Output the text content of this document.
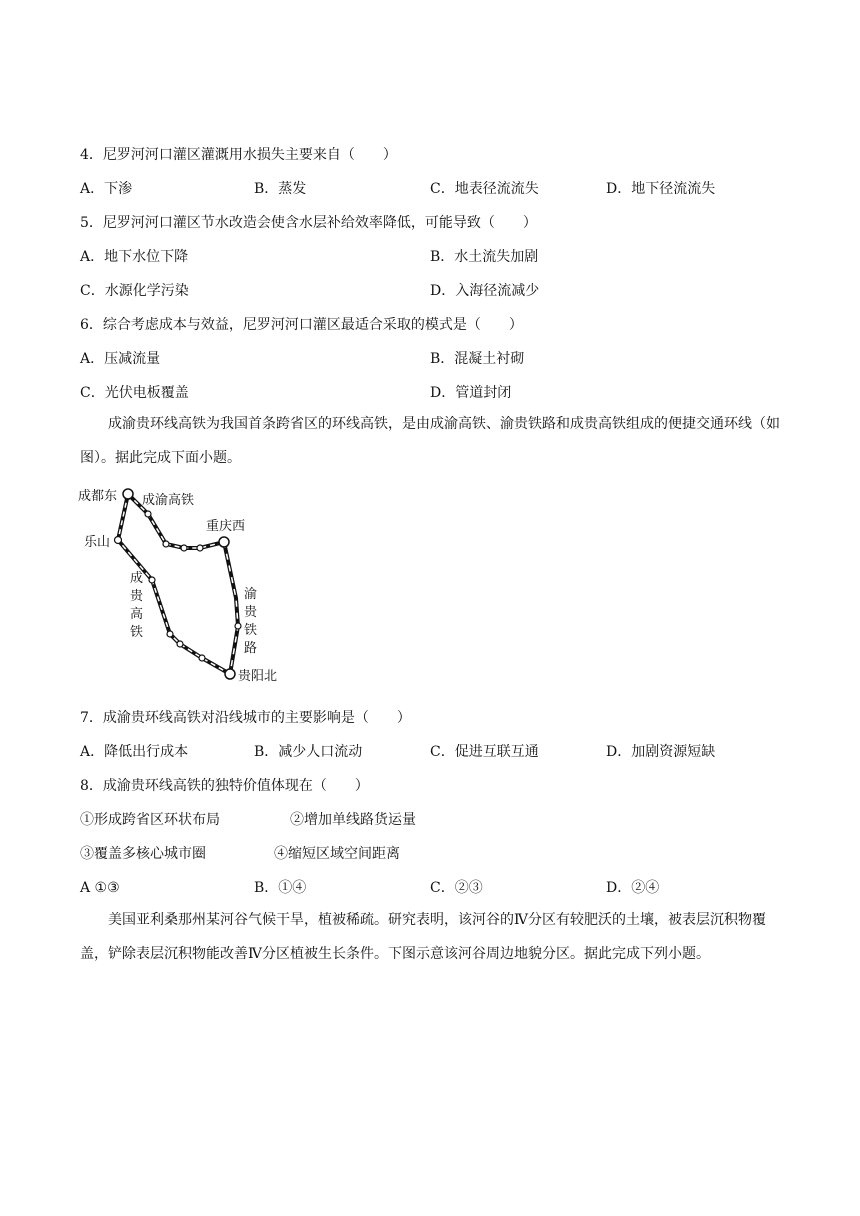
4．尼罗河河口灌区灌溉用水损失主要来自（　　）
A．下渗	B．蒸发	C．地表径流流失	D．地下径流流失
5．尼罗河河口灌区节水改造会使含水层补给效率降低，可能导致（　　）
A．地下水位下降	B．水土流失加剧
C．水源化学污染	D．入海径流减少
6．综合考虑成本与效益，尼罗河河口灌区最适合采取的模式是（　　）
A．压减流量	B．混凝土衬砌
C．光伏电板覆盖	D．管道封闭
成渝贵环线高铁为我国首条跨省区的环线高铁，是由成渝高铁、渝贵铁路和成贵高铁组成的便捷交通环线（如图）。据此完成下面小题。
成都东 成渝高铁
重庆西
乐山
成
贵
高
铁
渝
贵
铁
路
贵阳北
7．成渝贵环线高铁对沿线城市的主要影响是（　　）
A．降低出行成本	B．减少人口流动	C．促进互联互通	D．加剧资源短缺
8．成渝贵环线高铁的独特价值体现在（　　）
①形成跨省区环状布局	②增加单线路货运量
③覆盖多核心城市圈	④缩短区域空间距离
A ①③	B．①④	C．②③	D．②④
美国亚利桑那州某河谷气候干旱，植被稀疏。研究表明，该河谷的Ⅳ分区有较肥沃的土壤，被表层沉积物覆盖，铲除表层沉积物能改善Ⅳ分区植被生长条件。下图示意该河谷周边地貌分区。据此完成下列小题。
